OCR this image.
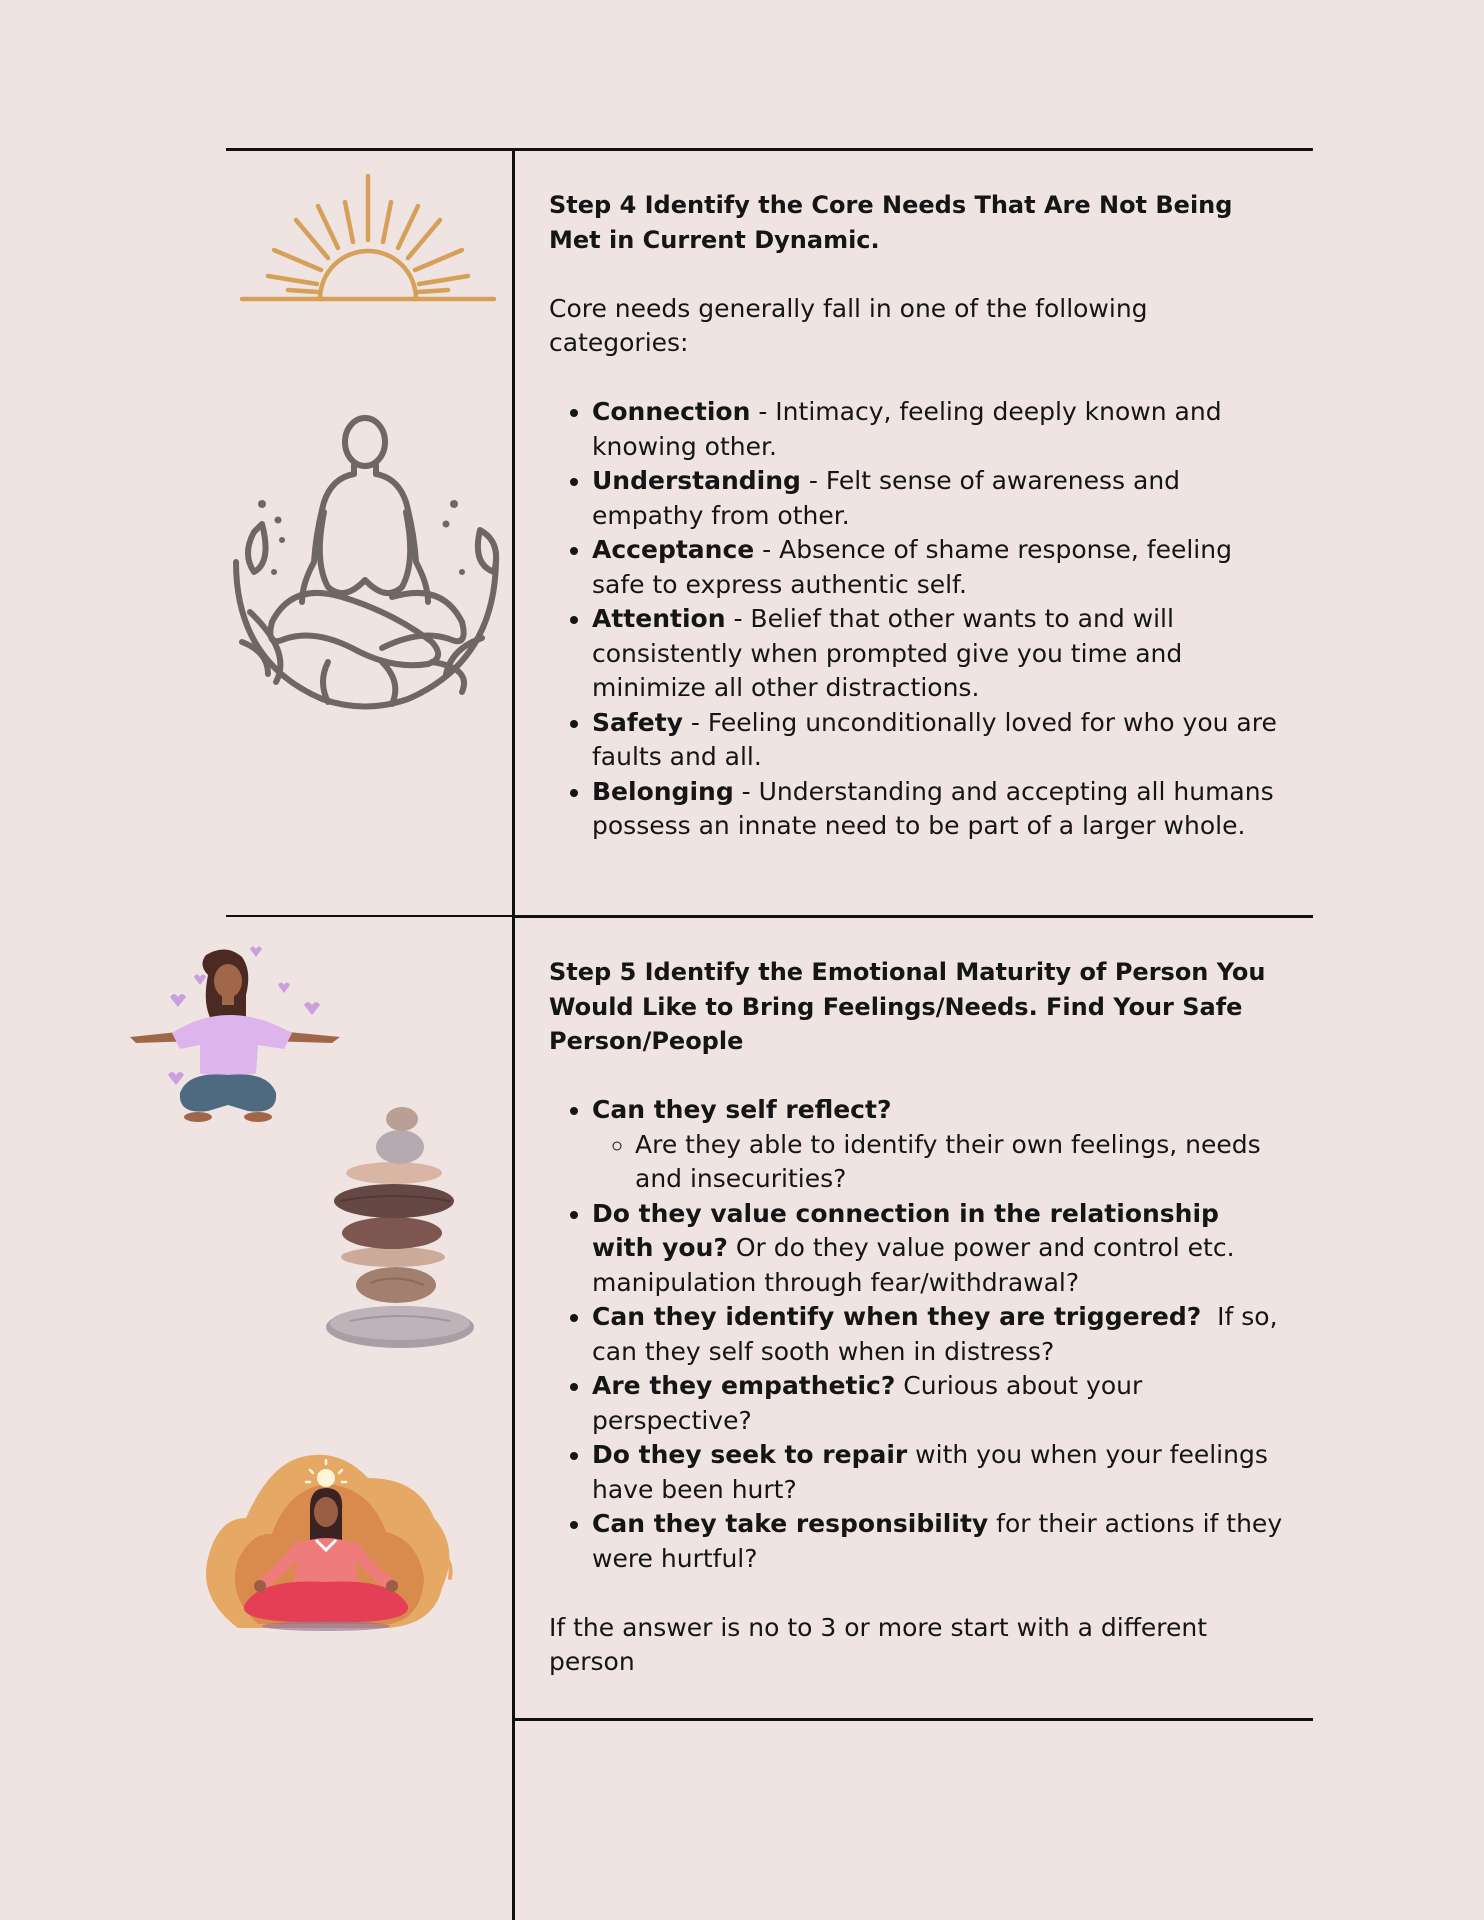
Step 4 Identify the Core Needs That Are Not Being Met in Current Dynamic.

Core needs generally fall in one of the following categories:

• Connection - Intimacy, feeling deeply known and knowing other.
• Understanding - Felt sense of awareness and empathy from other.
• Acceptance - Absence of shame response, feeling safe to express authentic self.
• Attention - Belief that other wants to and will consistently when prompted give you time and minimize all other distractions.
• Safety - Feeling unconditionally loved for who you are faults and all.
• Belonging - Understanding and accepting all humans possess an innate need to be part of a larger whole.

Step 5 Identify the Emotional Maturity of Person You Would Like to Bring Feelings/Needs. Find Your Safe Person/People

• Can they self reflect?
◦ Are they able to identify their own feelings, needs and insecurities?
• Do they value connection in the relationship with you? Or do they value power and control etc. manipulation through fear/withdrawal?
• Can they identify when they are triggered?  If so, can they self sooth when in distress?
• Are they empathetic? Curious about your perspective?
• Do they seek to repair with you when your feelings have been hurt?
• Can they take responsibility for their actions if they were hurtful?

If the answer is no to 3 or more start with a different person
